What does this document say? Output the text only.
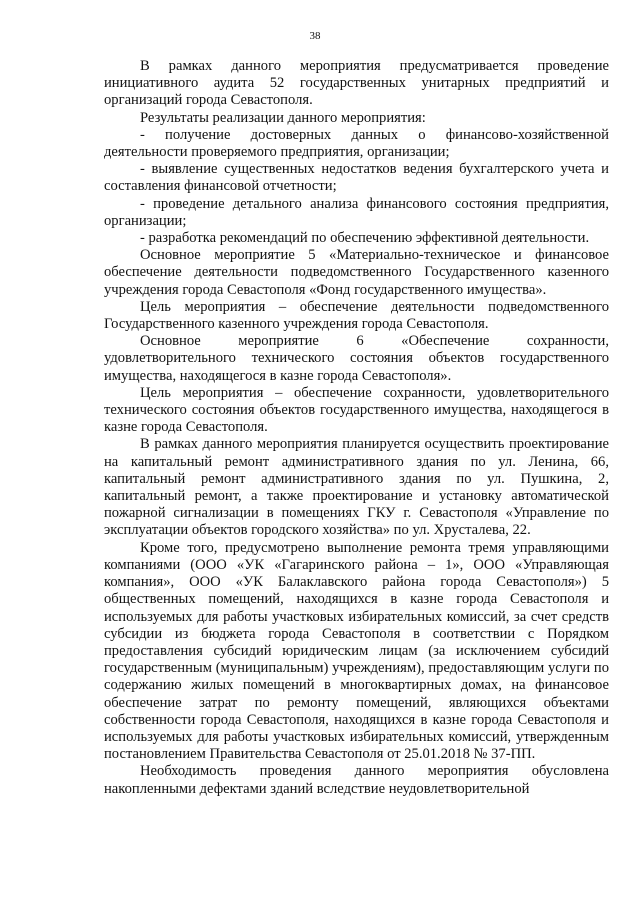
38

В рамках данного мероприятия предусматривается проведение инициативного аудита 52 государственных унитарных предприятий и организаций города Севастополя.

Результаты реализации данного мероприятия:

- получение достоверных данных о финансово-хозяйственной деятельности проверяемого предприятия, организации;

- выявление существенных недостатков ведения бухгалтерского учета и составления финансовой отчетности;

- проведение детального анализа финансового состояния предприятия, организации;

- разработка рекомендаций по обеспечению эффективной деятельности.

Основное мероприятие 5 «Материально-техническое и финансовое обеспечение деятельности подведомственного Государственного казенного учреждения города Севастополя «Фонд государственного имущества».

Цель мероприятия – обеспечение деятельности подведомственного Государственного казенного учреждения города Севастополя.

Основное мероприятие 6 «Обеспечение сохранности, удовлетворительного технического состояния объектов государственного имущества, находящегося в казне города Севастополя».

Цель мероприятия – обеспечение сохранности, удовлетворительного технического состояния объектов государственного имущества, находящегося в казне города Севастополя.

В рамках данного мероприятия планируется осуществить проектирование на капитальный ремонт административного здания по ул. Ленина, 66, капитальный ремонт административного здания по ул. Пушкина, 2, капитальный ремонт, а также проектирование и установку автоматической пожарной сигнализации в помещениях ГКУ г. Севастополя «Управление по эксплуатации объектов городского хозяйства» по ул. Хрусталева, 22.

Кроме того, предусмотрено выполнение ремонта тремя управляющими компаниями (ООО «УК «Гагаринского района – 1», ООО «Управляющая компания», ООО «УК Балаклавского района города Севастополя») 5 общественных помещений, находящихся в казне города Севастополя и используемых для работы участковых избирательных комиссий, за счет средств субсидии из бюджета города Севастополя в соответствии с Порядком предоставления субсидий юридическим лицам (за исключением субсидий государственным (муниципальным) учреждениям), предоставляющим услуги по содержанию жилых помещений в многоквартирных домах, на финансовое обеспечение затрат по ремонту помещений, являющихся объектами собственности города Севастополя, находящихся в казне города Севастополя и используемых для работы участковых избирательных комиссий, утвержденным постановлением Правительства Севастополя от 25.01.2018 № 37-ПП.

Необходимость проведения данного мероприятия обусловлена накопленными дефектами зданий вследствие неудовлетворительной
